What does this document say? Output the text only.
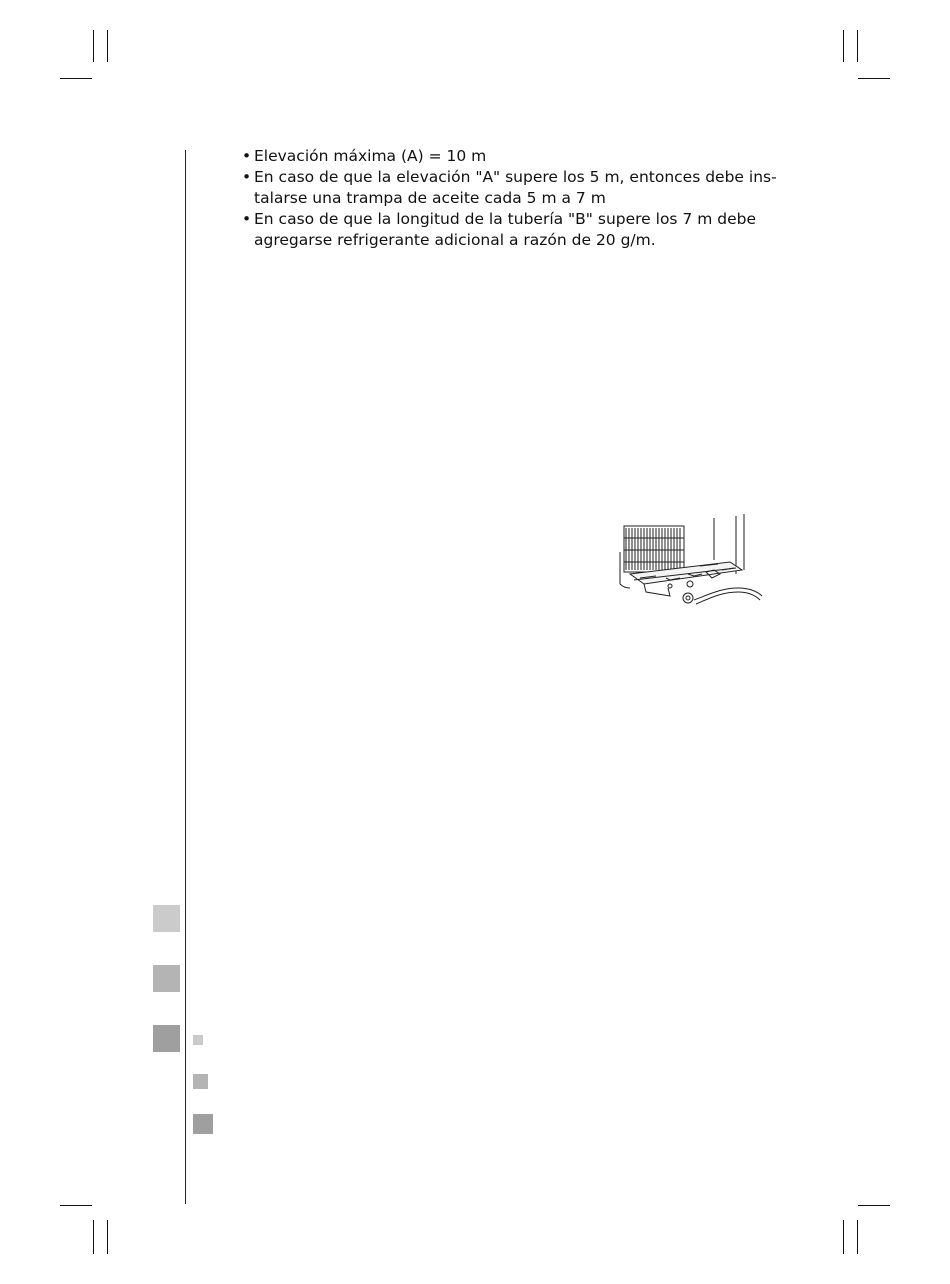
• Elevación máxima (A) = 10 m
• En caso de que la elevación "A" supere los 5 m, entonces debe ins-
talarse una trampa de aceite cada 5 m a 7 m
• En caso de que la longitud de la tubería "B" supere los 7 m debe
agregarse refrigerante adicional a razón de 20 g/m.
